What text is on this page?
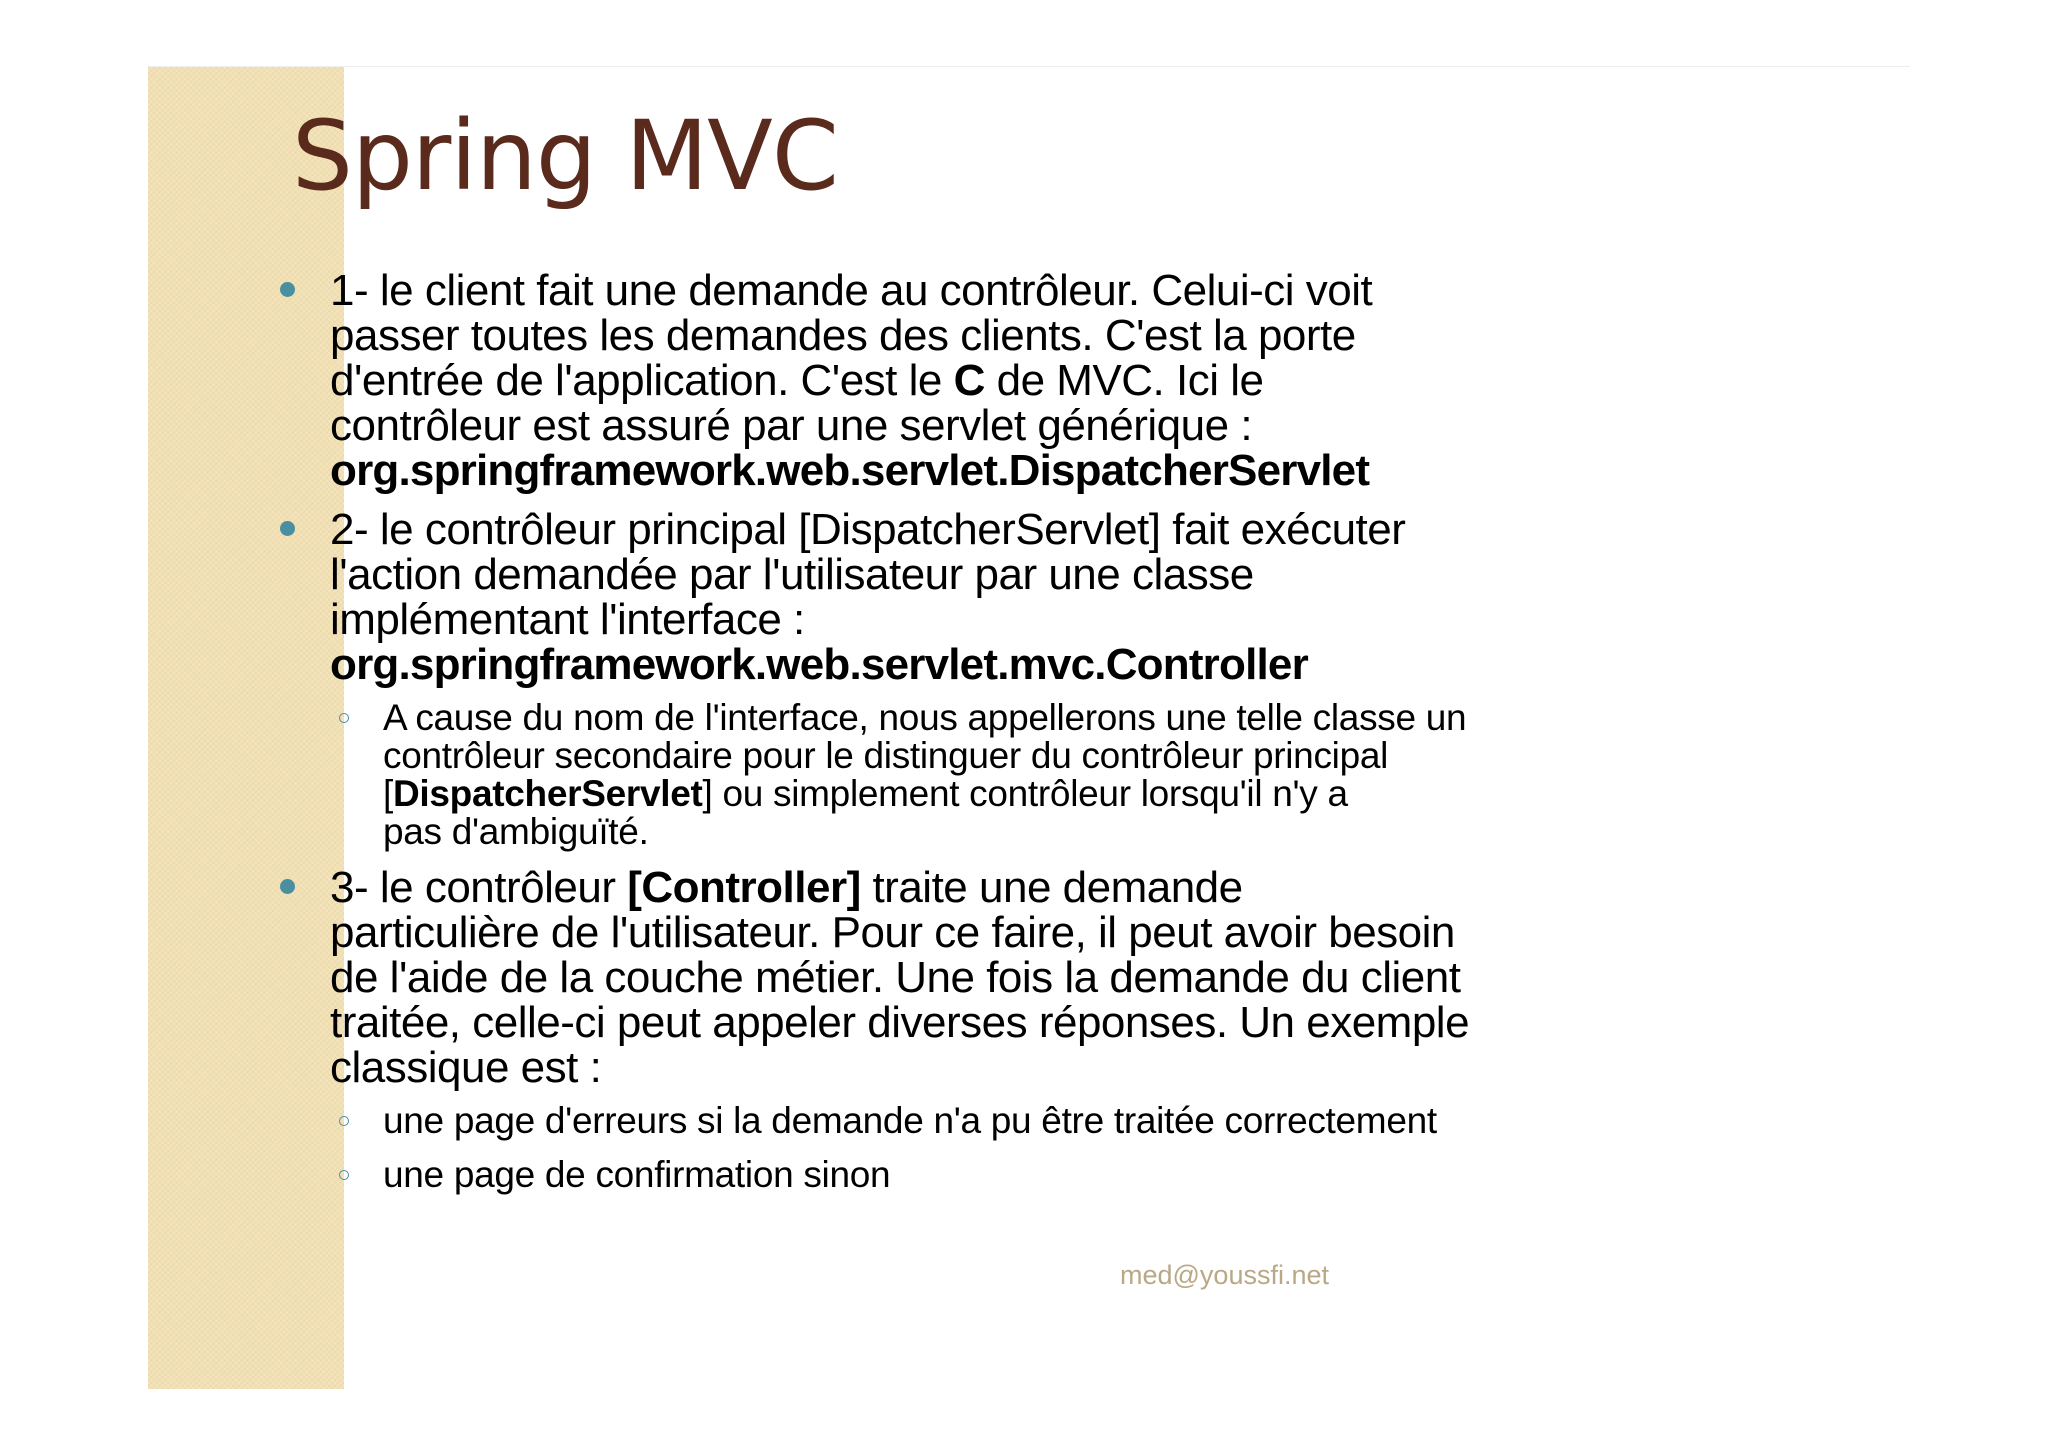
Spring MVC
1- le client fait une demande au contrôleur. Celui-ci voit
passer toutes les demandes des clients. C'est la porte
d'entrée de l'application. C'est le C de MVC. Ici le
contrôleur est assuré par une servlet générique :
org.springframework.web.servlet.DispatcherServlet
2- le contrôleur principal [DispatcherServlet] fait exécuter
l'action demandée par l'utilisateur par une classe
implémentant l'interface :
org.springframework.web.servlet.mvc.Controller
A cause du nom de l'interface, nous appellerons une telle classe un
contrôleur secondaire pour le distinguer du contrôleur principal
[DispatcherServlet] ou simplement contrôleur lorsqu'il n'y a
pas d'ambiguïté.
3- le contrôleur [Controller] traite une demande
particulière de l'utilisateur. Pour ce faire, il peut avoir besoin
de l'aide de la couche métier. Une fois la demande du client
traitée, celle-ci peut appeler diverses réponses. Un exemple
classique est :
une page d'erreurs si la demande n'a pu être traitée correctement
une page de confirmation sinon
med@youssfi.net
